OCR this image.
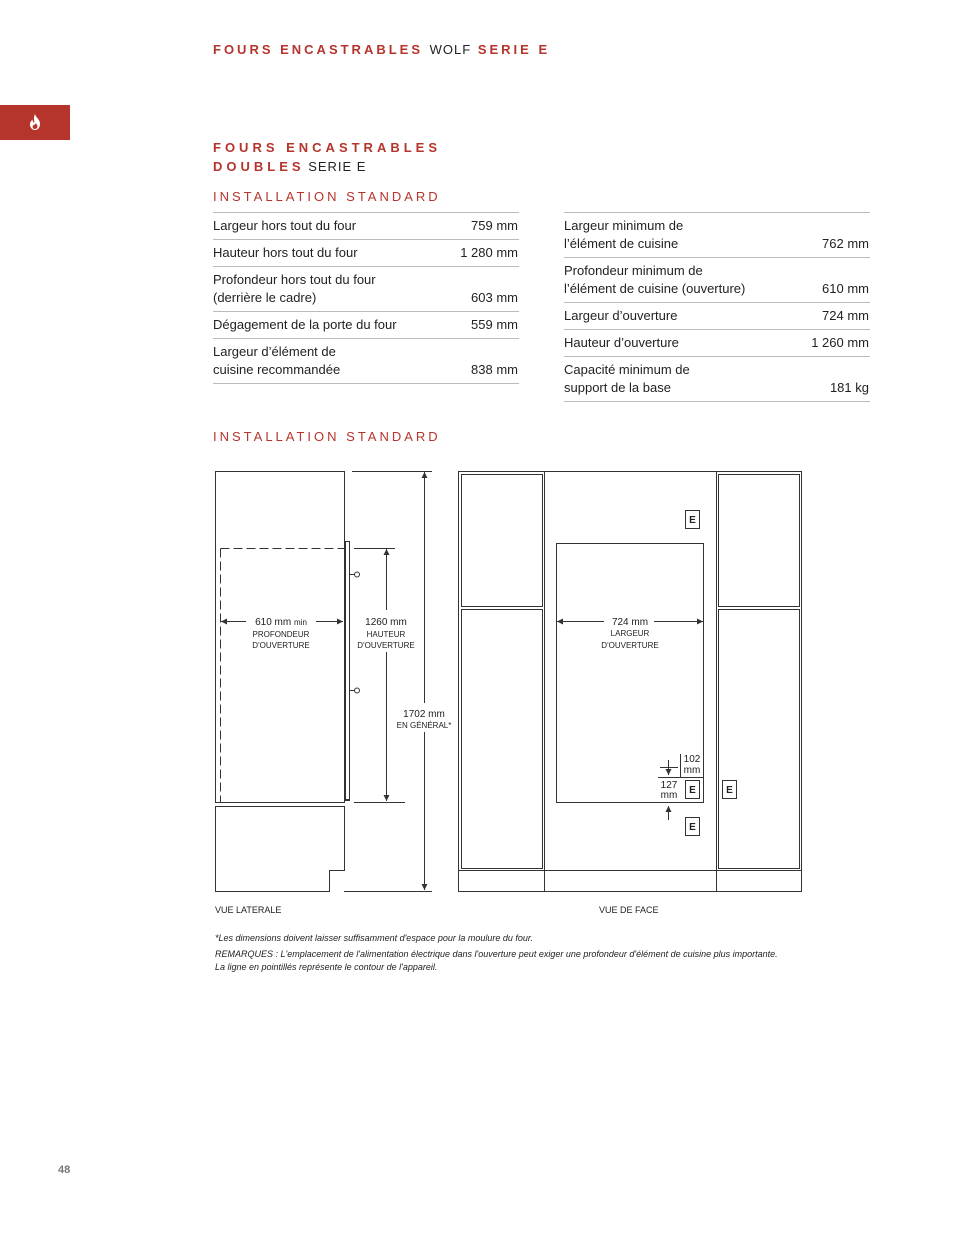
FOURS ENCASTRABLES WOLF SERIE E
FOURS ENCASTRABLES
DOUBLES SERIE E
INSTALLATION STANDARD
Largeur hors tout du four	759 mm
Hauteur hors tout du four	1 280 mm
Profondeur hors tout du four
(derrière le cadre)	603 mm
Dégagement de la porte du four	559 mm
Largeur d’élément de
cuisine recommandée	838 mm
Largeur minimum de
l’élément de cuisine	762 mm
Profondeur minimum de
l’élément de cuisine (ouverture)	610 mm
Largeur d’ouverture	724 mm
Hauteur d’ouverture	1 260 mm
Capacité minimum de
support de la base	181 kg
INSTALLATION STANDARD
610 mm min
PROFONDEUR
D'OUVERTURE
1260 mm
HAUTEUR
D'OUVERTURE
1702 mm
EN GÉNÉRAL*
724 mm
LARGEUR
D'OUVERTURE
102
mm
127
mm
E
E
E
E
VUE LATERALE	VUE DE FACE
*Les dimensions doivent laisser suffisamment d'espace pour la moulure du four.
REMARQUES : L'emplacement de l'alimentation électrique dans l'ouverture peut exiger une profondeur d'élément de cuisine plus importante.
La ligne en pointillés représente le contour de l'appareil.
48
